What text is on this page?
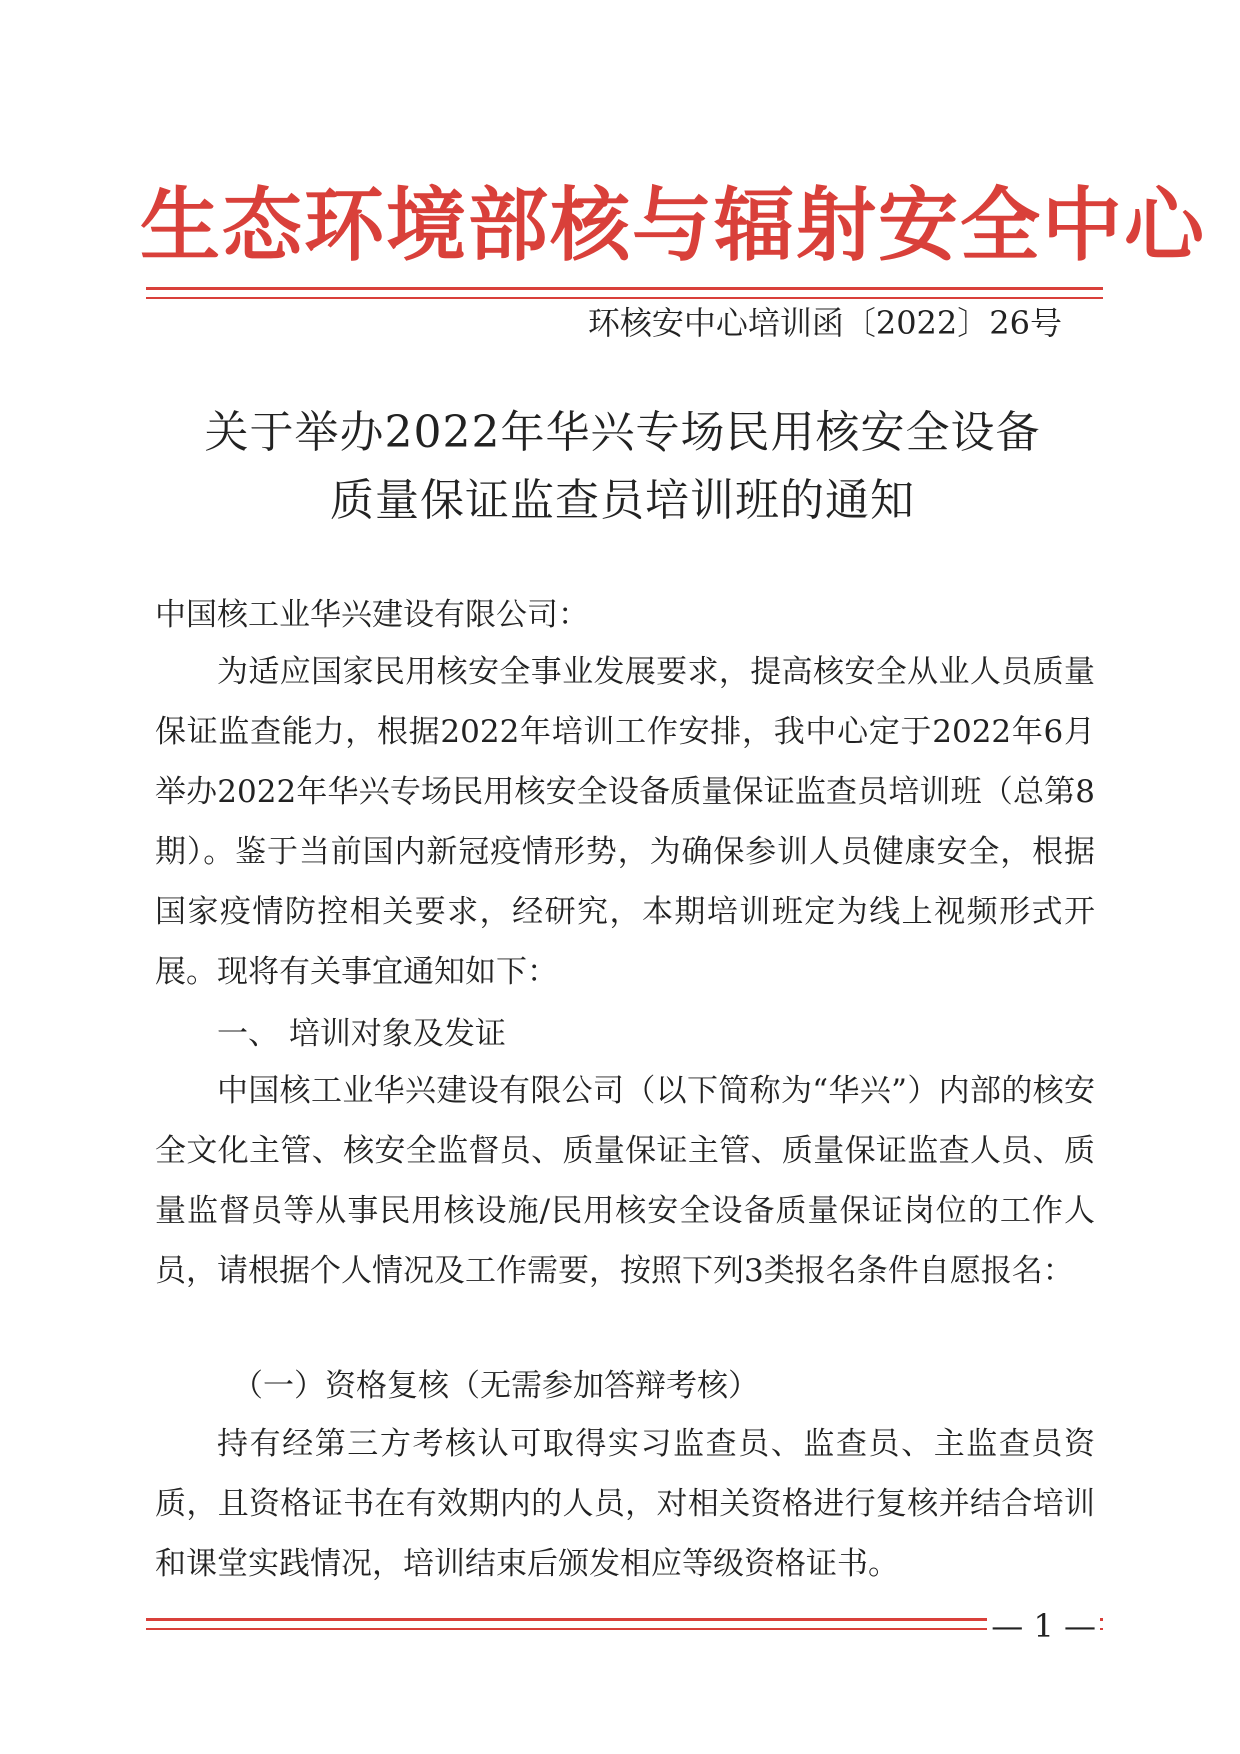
生态环境部核与辐射安全中心
环核安中心培训函〔2022〕26号
关于举办2022年华兴专场民用核安全设备
质量保证监查员培训班的通知
中国核工业华兴建设有限公司：
为适应国家民用核安全事业发展要求，提高核安全从业人员质量保证监查能力，根据2022年培训工作安排，我中心定于2022年6月举办2022年华兴专场民用核安全设备质量保证监查员培训班（总第8期）。鉴于当前国内新冠疫情形势，为确保参训人员健康安全，根据国家疫情防控相关要求，经研究，本期培训班定为线上视频形式开展。现将有关事宜通知如下：
一、 培训对象及发证
中国核工业华兴建设有限公司（以下简称为“华兴”）内部的核安全文化主管、核安全监督员、质量保证主管、质量保证监查人员、质量监督员等从事民用核设施/民用核安全设备质量保证岗位的工作人员，请根据个人情况及工作需要，按照下列3类报名条件自愿报名：
（一）资格复核（无需参加答辩考核）
持有经第三方考核认可取得实习监查员、监查员、主监查员资质，且资格证书在有效期内的人员，对相关资格进行复核并结合培训和课堂实践情况，培训结束后颁发相应等级资格证书。
— 1 —
